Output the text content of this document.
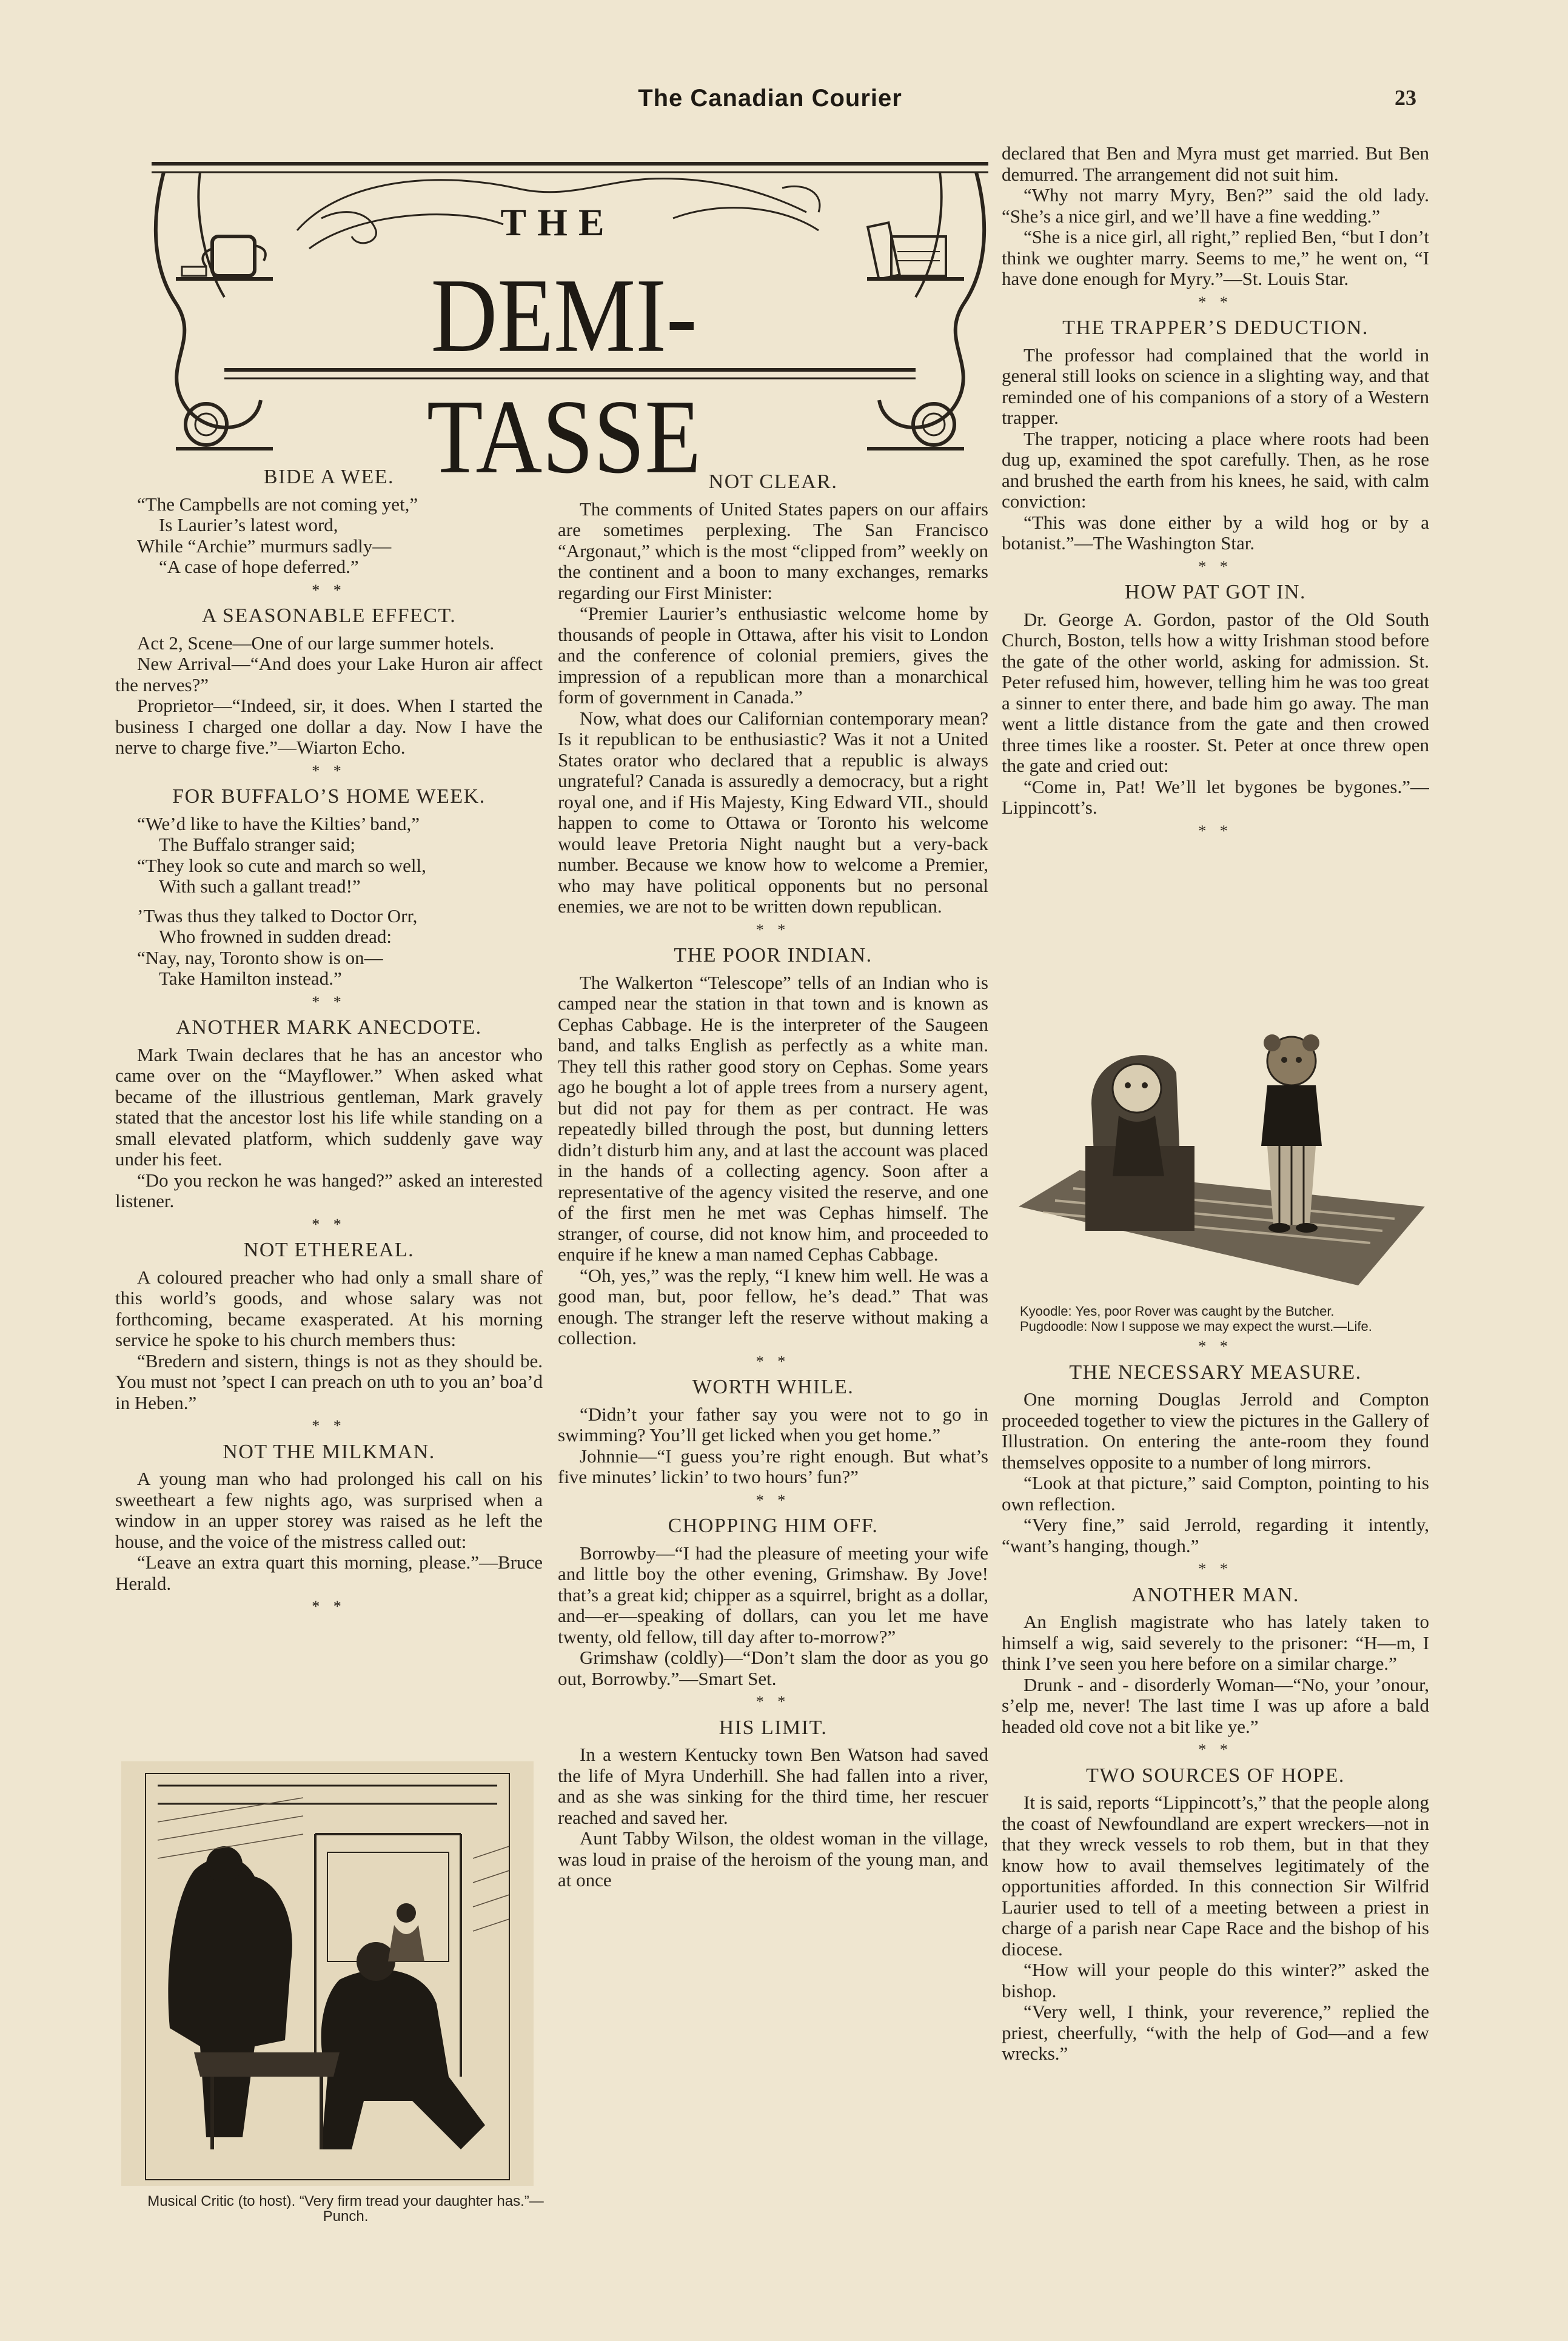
The Canadian Courier	23
THE
DEMI-TASSE
BIDE A WEE.
“The Campbells are not coming yet,”
Is Laurier’s latest word,
While “Archie” murmurs sadly—
“A case of hope deferred.”
* *
A SEASONABLE EFFECT.

Act 2, Scene—One of our large summer hotels.

New Arrival—“And does your Lake Huron air affect the nerves?”

Proprietor—“Indeed, sir, it does. When I started the business I charged one dollar a day. Now I have the nerve to charge five.”—Wiarton Echo.

* *
FOR BUFFALO’S HOME WEEK.
“We’d like to have the Kilties’ band,”
The Buffalo stranger said;
“They look so cute and march so well,
With such a gallant tread!”
’Twas thus they talked to Doctor Orr,
Who frowned in sudden dread:
“Nay, nay, Toronto show is on—
Take Hamilton instead.”
* *
ANOTHER MARK ANECDOTE.

Mark Twain declares that he has an ancestor who came over on the “Mayflower.” When asked what became of the illustrious gentleman, Mark gravely stated that the ancestor lost his life while standing on a small elevated platform, which suddenly gave way under his feet.

“Do you reckon he was hanged?” asked an interested listener.

* *
NOT ETHEREAL.

A coloured preacher who had only a small share of this world’s goods, and whose salary was not forthcoming, became exasperated. At his morning service he spoke to his church members thus:

“Bredern and sistern, things is not as they should be. You must not ’spect I can preach on uth to you an’ boa’d in Heben.”

* *
NOT THE MILKMAN.

A young man who had prolonged his call on his sweetheart a few nights ago, was surprised when a window in an upper storey was raised as he left the house, and the voice of the mistress called out:

“Leave an extra quart this morning, please.”—Bruce Herald.

* *
Musical Critic (to host). “Very firm tread your daughter has.”—Punch.
NOT CLEAR.

The comments of United States papers on our affairs are sometimes perplexing. The San Francisco “Argonaut,” which is the most “clipped from” weekly on the continent and a boon to many exchanges, remarks regarding our First Minister:

“Premier Laurier’s enthusiastic welcome home by thousands of people in Ottawa, after his visit to London and the conference of colonial premiers, gives the impression of a republican more than a monarchical form of government in Canada.”

Now, what does our Californian contemporary mean? Is it republican to be enthusiastic? Was it not a United States orator who declared that a republic is always ungrateful? Canada is assuredly a democracy, but a right royal one, and if His Majesty, King Edward VII., should happen to come to Ottawa or Toronto his welcome would leave Pretoria Night naught but a very-back number. Because we know how to welcome a Premier, who may have political opponents but no personal enemies, we are not to be written down republican.

* *
THE POOR INDIAN.

The Walkerton “Telescope” tells of an Indian who is camped near the station in that town and is known as Cephas Cabbage. He is the interpreter of the Saugeen band, and talks English as perfectly as a white man. They tell this rather good story on Cephas. Some years ago he bought a lot of apple trees from a nursery agent, but did not pay for them as per contract. He was repeatedly billed through the post, but dunning letters didn’t disturb him any, and at last the account was placed in the hands of a collecting agency. Soon after a representative of the agency visited the reserve, and one of the first men he met was Cephas himself. The stranger, of course, did not know him, and proceeded to enquire if he knew a man named Cephas Cabbage.

“Oh, yes,” was the reply, “I knew him well. He was a good man, but, poor fellow, he’s dead.” That was enough. The stranger left the reserve without making a collection.

* *
WORTH WHILE.

“Didn’t your father say you were not to go in swimming? You’ll get licked when you get home.”

Johnnie—“I guess you’re right enough. But what’s five minutes’ lickin’ to two hours’ fun?”

* *
CHOPPING HIM OFF.

Borrowby—“I had the pleasure of meeting your wife and little boy the other evening, Grimshaw. By Jove! that’s a great kid; chipper as a squirrel, bright as a dollar, and—er—speaking of dollars, can you let me have twenty, old fellow, till day after to-morrow?”

Grimshaw (coldly)—“Don’t slam the door as you go out, Borrowby.”—Smart Set.

* *
HIS LIMIT.

In a western Kentucky town Ben Watson had saved the life of Myra Underhill. She had fallen into a river, and as she was sinking for the third time, her rescuer reached and saved her.

Aunt Tabby Wilson, the oldest woman in the village, was loud in praise of the heroism of the young man, and at once

declared that Ben and Myra must get married. But Ben demurred. The arrangement did not suit him.

“Why not marry Myry, Ben?” said the old lady. “She’s a nice girl, and we’ll have a fine wedding.”

“She is a nice girl, all right,” replied Ben, “but I don’t think we oughter marry. Seems to me,” he went on, “I have done enough for Myry.”—St. Louis Star.

* *
THE TRAPPER’S DEDUCTION.

The professor had complained that the world in general still looks on science in a slighting way, and that reminded one of his companions of a story of a Western trapper.

The trapper, noticing a place where roots had been dug up, examined the spot carefully. Then, as he rose and brushed the earth from his knees, he said, with calm conviction:

“This was done either by a wild hog or by a botanist.”—The Washington Star.

* *
HOW PAT GOT IN.

Dr. George A. Gordon, pastor of the Old South Church, Boston, tells how a witty Irishman stood before the gate of the other world, asking for admission. St. Peter refused him, however, telling him he was too great a sinner to enter there, and bade him go away. The man went a little distance from the gate and then crowed three times like a rooster. St. Peter at once threw open the gate and cried out:

“Come in, Pat! We’ll let bygones be bygones.”—Lippincott’s.

* *
Kyoodle: Yes, poor Rover was caught by the Butcher.
Pugdoodle: Now I suppose we may expect the wurst.—Life.
* *
THE NECESSARY MEASURE.

One morning Douglas Jerrold and Compton proceeded together to view the pictures in the Gallery of Illustration. On entering the ante-room they found themselves opposite to a number of long mirrors.

“Look at that picture,” said Compton, pointing to his own reflection.

“Very fine,” said Jerrold, regarding it intently, “want’s hanging, though.”

* *
ANOTHER MAN.

An English magistrate who has lately taken to himself a wig, said severely to the prisoner: “H—m, I think I’ve seen you here before on a similar charge.”

Drunk - and - disorderly Woman—“No, your ’onour, s’elp me, never! The last time I was up afore a bald headed old cove not a bit like ye.”

* *
TWO SOURCES OF HOPE.

It is said, reports “Lippincott’s,” that the people along the coast of Newfoundland are expert wreckers—not in that they wreck vessels to rob them, but in that they know how to avail themselves legitimately of the opportunities afforded. In this connection Sir Wilfrid Laurier used to tell of a meeting between a priest in charge of a parish near Cape Race and the bishop of his diocese.

“How will your people do this winter?” asked the bishop.

“Very well, I think, your reverence,” replied the priest, cheerfully, “with the help of God—and a few wrecks.”
